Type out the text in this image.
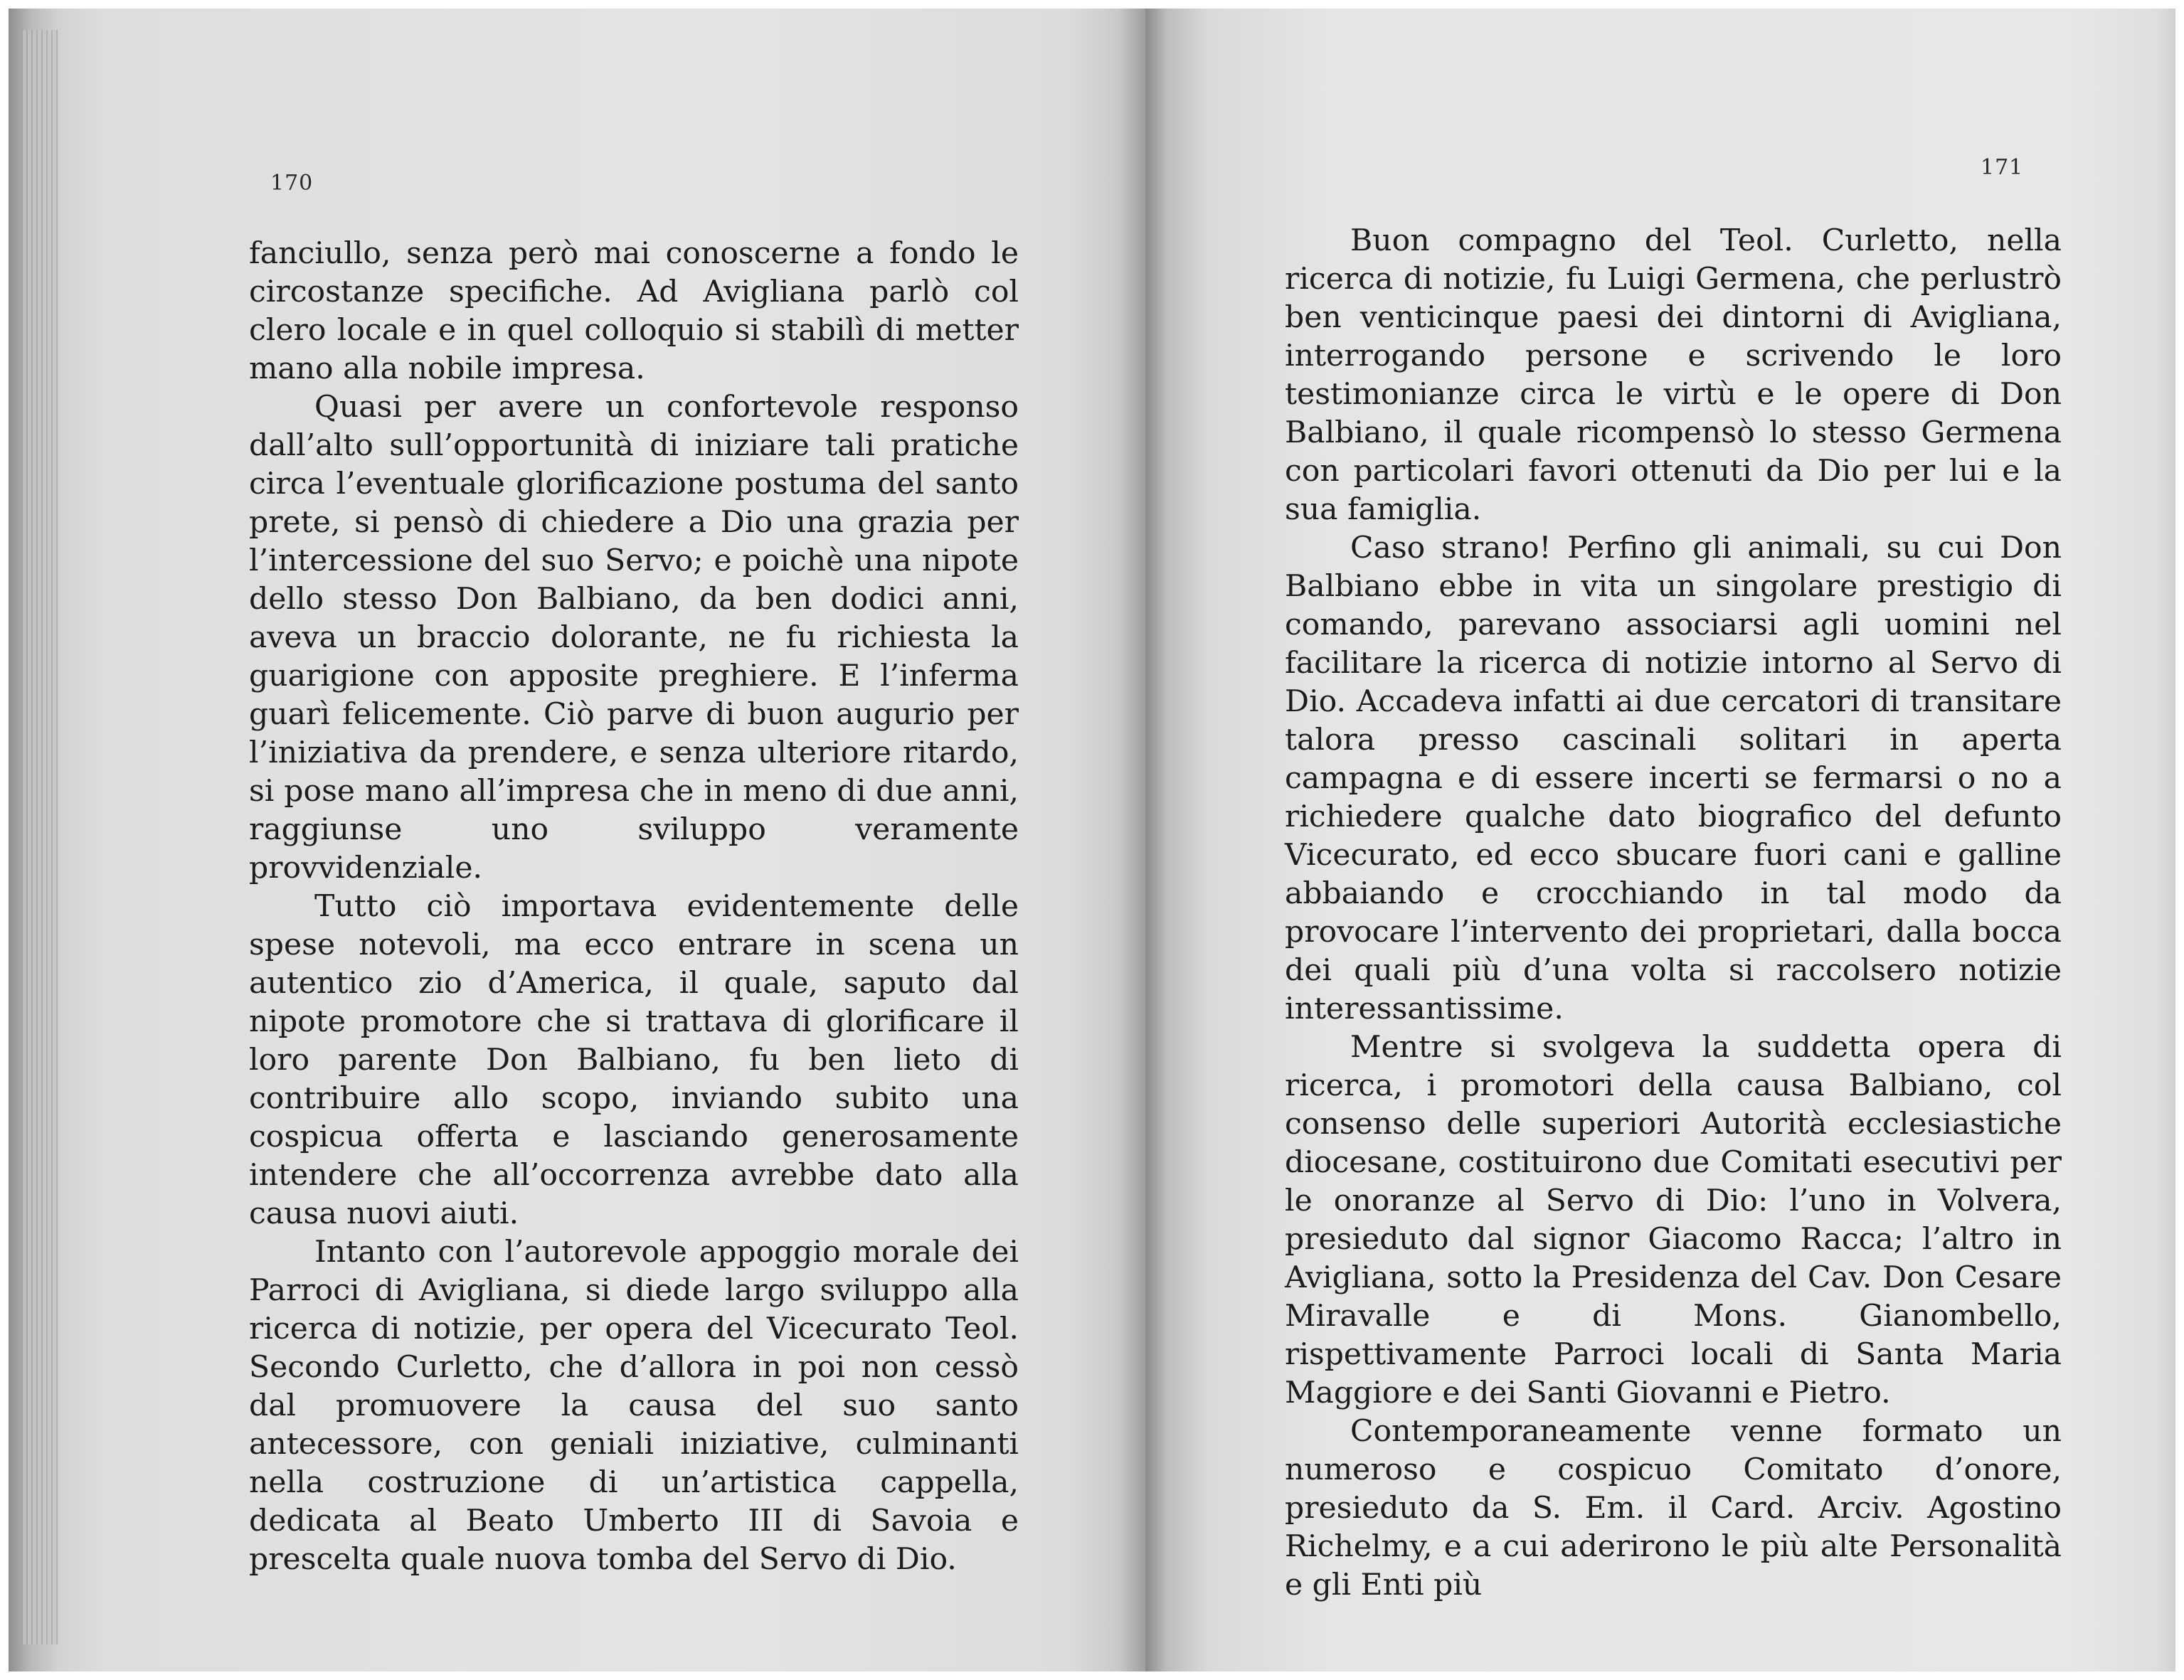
170

fanciullo, senza però mai conoscerne a fondo le circostanze specifiche. Ad Avigliana parlò col clero locale e in quel colloquio si stabilì di metter mano alla nobile impresa.

Quasi per avere un confortevole responso dall’alto sull’opportunità di iniziare tali pratiche circa l’eventuale glorificazione postuma del santo prete, si pensò di chiedere a Dio una grazia per l’intercessione del suo Servo; e poichè una nipote dello stesso Don Balbiano, da ben dodici anni, aveva un braccio dolorante, ne fu richiesta la guarigione con apposite preghiere. E l’inferma guarì felicemente. Ciò parve di buon augurio per l’iniziativa da prendere, e senza ulteriore ritardo, si pose mano all’impresa che in meno di due anni, raggiunse uno sviluppo veramente provvidenziale.

Tutto ciò importava evidentemente delle spese notevoli, ma ecco entrare in scena un autentico zio d’America, il quale, saputo dal nipote promotore che si trattava di glorificare il loro parente Don Balbiano, fu ben lieto di contribuire allo scopo, inviando subito una cospicua offerta e lasciando generosamente intendere che all’occorrenza avrebbe dato alla causa nuovi aiuti.

Intanto con l’autorevole appoggio morale dei Parroci di Avigliana, si diede largo sviluppo alla ricerca di notizie, per opera del Vicecurato Teol. Secondo Curletto, che d’allora in poi non cessò dal promuovere la causa del suo santo antecessore, con geniali iniziative, culminanti nella costruzione di un’artistica cappella, dedicata al Beato Umberto III di Savoia e prescelta quale nuova tomba del Servo di Dio.

171

Buon compagno del Teol. Curletto, nella ricerca di notizie, fu Luigi Germena, che perlustrò ben venticinque paesi dei dintorni di Avigliana, interrogando persone e scrivendo le loro testimonianze circa le virtù e le opere di Don Balbiano, il quale ricompensò lo stesso Germena con particolari favori ottenuti da Dio per lui e la sua famiglia.

Caso strano! Perfino gli animali, su cui Don Balbiano ebbe in vita un singolare prestigio di comando, parevano associarsi agli uomini nel facilitare la ricerca di notizie intorno al Servo di Dio. Accadeva infatti ai due cercatori di transitare talora presso cascinali solitari in aperta campagna e di essere incerti se fermarsi o no a richiedere qualche dato biografico del defunto Vicecurato, ed ecco sbucare fuori cani e galline abbaiando e crocchiando in tal modo da provocare l’intervento dei proprietari, dalla bocca dei quali più d’una volta si raccolsero notizie interessantissime.

Mentre si svolgeva la suddetta opera di ricerca, i promotori della causa Balbiano, col consenso delle superiori Autorità ecclesiastiche diocesane, costituirono due Comitati esecutivi per le onoranze al Servo di Dio: l’uno in Volvera, presieduto dal signor Giacomo Racca; l’altro in Avigliana, sotto la Presidenza del Cav. Don Cesare Miravalle e di Mons. Gianombello, rispettivamente Parroci locali di Santa Maria Maggiore e dei Santi Giovanni e Pietro.

Contemporaneamente venne formato un numeroso e cospicuo Comitato d’onore, presieduto da S. Em. il Card. Arciv. Agostino Richelmy, e a cui aderirono le più alte Personalità e gli Enti più
